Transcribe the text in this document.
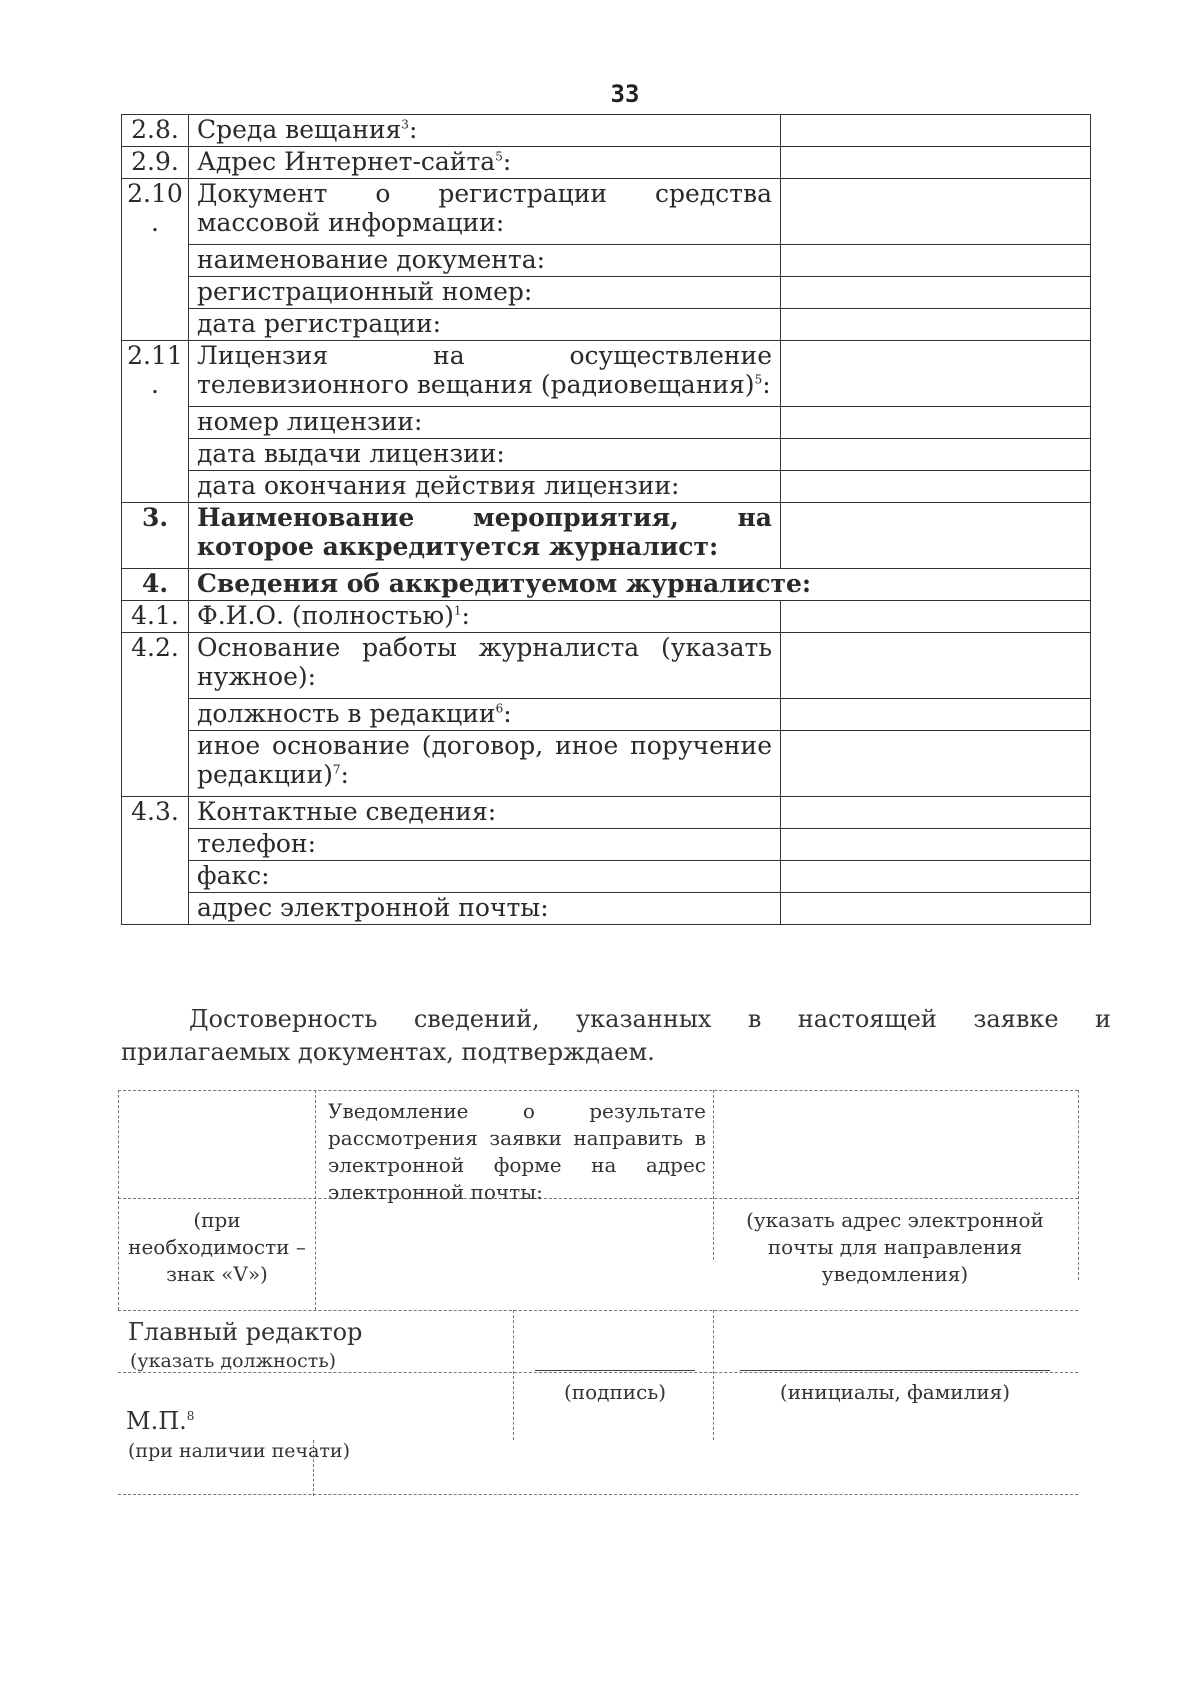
33
2.8.	Среда вещания$^3$:	
2.9.	Адрес Интернет-сайта$^5$:	
2.10 .	Документ о регистрации средства массовой информации:	
	наименование документа:	
	регистрационный номер:	
	дата регистрации:	
2.11 .	Лицензия на осуществление телевизионного вещания (радиовещания)$^5$:	
	номер лицензии:	
	дата выдачи лицензии:	
	дата окончания действия лицензии:	
3.	Наименование мероприятия, на которое аккредитуется журналист:	
4.	Сведения об аккредитуемом журналисте:	
4.1.	Ф.И.О. (полностью)$^1$:	
4.2.	Основание работы журналиста (указать нужное):	
	должность в редакции$^6$:	
	иное основание (договор, иное поручение редакции)$^7$:	
4.3.	Контактные сведения:	
	телефон:	
	факс:	
	адрес электронной почты:	
Достоверность сведений, указанных в настоящей заявке и прилагаемых документах, подтверждаем.
Уведомление о результате рассмотрения заявки направить в электронной форме на адрес электронной почты:
(при необходимости – знак «V»)
(указать адрес электронной почты для направления уведомления)
Главный редактор
(указать должность)
(подпись)	(инициалы, фамилия)
М.П.$^8$
(при наличии печати)
